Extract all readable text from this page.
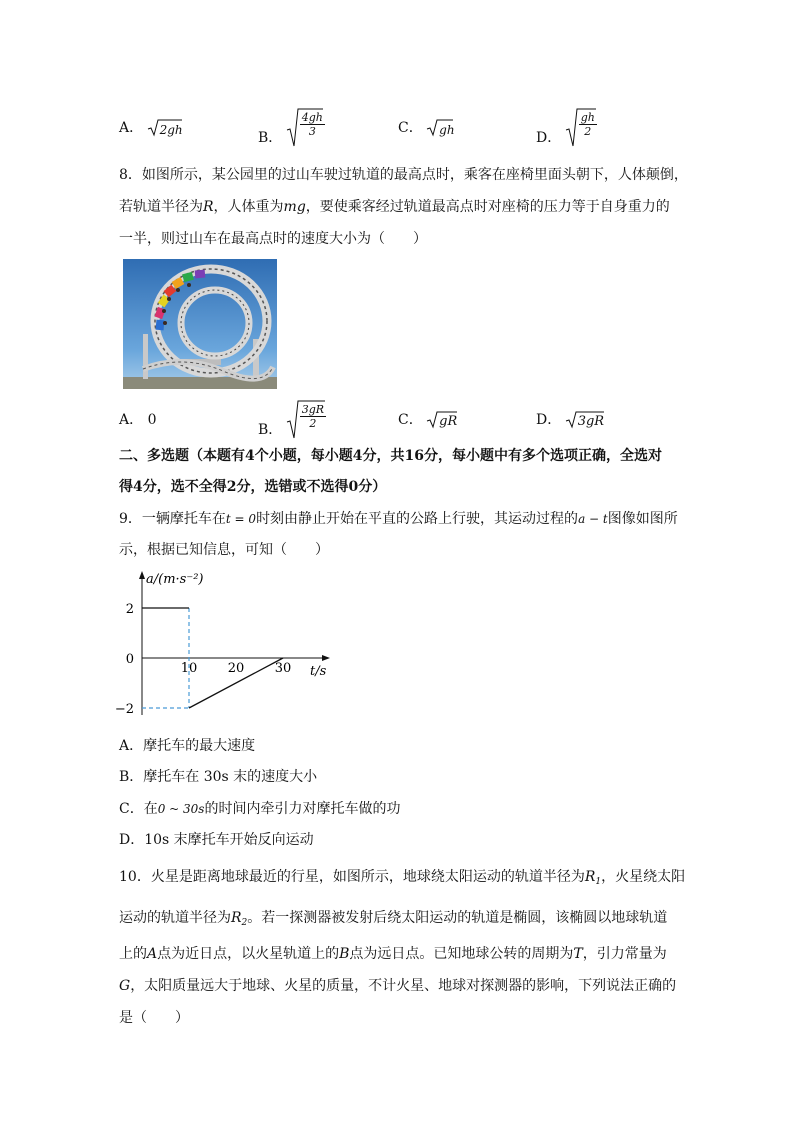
A． 2gh	B． $\frac{4gh}{3}$	C． gh	D． $\frac{gh}{2}$
8．如图所示，某公园里的过山车驶过轨道的最高点时，乘客在座椅里面头朝下，人体颠倒，
若轨道半径为R，人体重为mg，要使乘客经过轨道最高点时对座椅的压力等于自身重力的
一半，则过山车在最高点时的速度大小为（　　）
A． 0
B． $\frac{3gR}{2}$	C． gR	D． 3gR
二、多选题（本题有4个小题，每小题4分，共16分，每小题中有多个选项正确，全选对
得4分，选不全得2分，选错或不选得0分）
9．一辆摩托车在t = 0时刻由静止开始在平直的公路上行驶，其运动过程的a − t图像如图所
示，根据已知信息，可知（　　）
a/(m·s⁻²)
t/s
10 20 30
2
0
−2
A．摩托车的最大速度
B．摩托车在 30s 末的速度大小
C．在0 ~ 30s的时间内牵引力对摩托车做的功
D．10s 末摩托车开始反向运动
10．火星是距离地球最近的行星，如图所示，地球绕太阳运动的轨道半径为$R_1$，火星绕太阳
运动的轨道半径为$R_2$。若一探测器被发射后绕太阳运动的轨道是椭圆，该椭圆以地球轨道
上的A点为近日点，以火星轨道上的B点为远日点。已知地球公转的周期为T，引力常量为
G，太阳质量远大于地球、火星的质量，不计火星、地球对探测器的影响，下列说法正确的
是（　　）
